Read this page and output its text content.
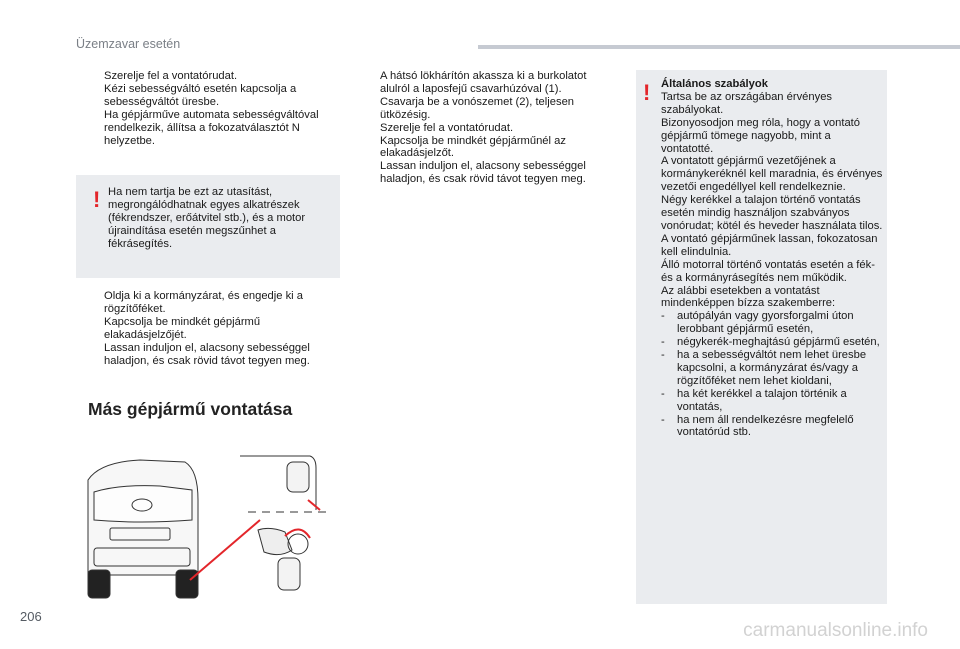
Üzemzavar esetén
Szerelje fel a vontatórudat.
Kézi sebességváltó esetén kapcsolja a sebességváltót üresbe.
Ha gépjárműve automata sebességváltóval rendelkezik, állítsa a fokozatválasztót N helyzetbe.
! Ha nem tartja be ezt az utasítást, megrongálódhatnak egyes alkatrészek (fékrendszer, erőátvitel stb.), és a motor újraindítása esetén megszűnhet a fékrásegítés.
Oldja ki a kormányzárat, és engedje ki a rögzítőféket.
Kapcsolja be mindkét gépjármű elakadásjelzőjét.
Lassan induljon el, alacsony sebességgel haladjon, és csak rövid távot tegyen meg.
Más gépjármű vontatása
A hátsó lökhárítón akassza ki a burkolatot alulról a laposfejű csavarhúzóval (1).
Csavarja be a vonószemet (2), teljesen ütközésig.
Szerelje fel a vontatórudat.
Kapcsolja be mindkét gépjárműnél az elakadásjelzőt.
Lassan induljon el, alacsony sebességgel haladjon, és csak rövid távot tegyen meg.
! Általános szabályok
Tartsa be az országában érvényes szabályokat.
Bizonyosodjon meg róla, hogy a vontató gépjármű tömege nagyobb, mint a vontatotté.
A vontatott gépjármű vezetőjének a kormánykeréknél kell maradnia, és érvényes vezetői engedéllyel kell rendelkeznie.
Négy kerékkel a talajon történő vontatás esetén mindig használjon szabványos vonórudat; kötél és heveder használata tilos.
A vontató gépjárműnek lassan, fokozatosan kell elindulnia.
Álló motorral történő vontatás esetén a fék- és a kormányrásegítés nem működik.
Az alábbi esetekben a vontatást mindenképpen bízza szakemberre:
- autópályán vagy gyorsforgalmi úton lerobbant gépjármű esetén,
- négykerék-meghajtású gépjármű esetén,
- ha a sebességváltót nem lehet üresbe kapcsolni, a kormányzárat és/vagy a rögzítőféket nem lehet kioldani,
- ha két kerékkel a talajon történik a vontatás,
- ha nem áll rendelkezésre megfelelő vontatórúd stb.
206
carmanualsonline.info
